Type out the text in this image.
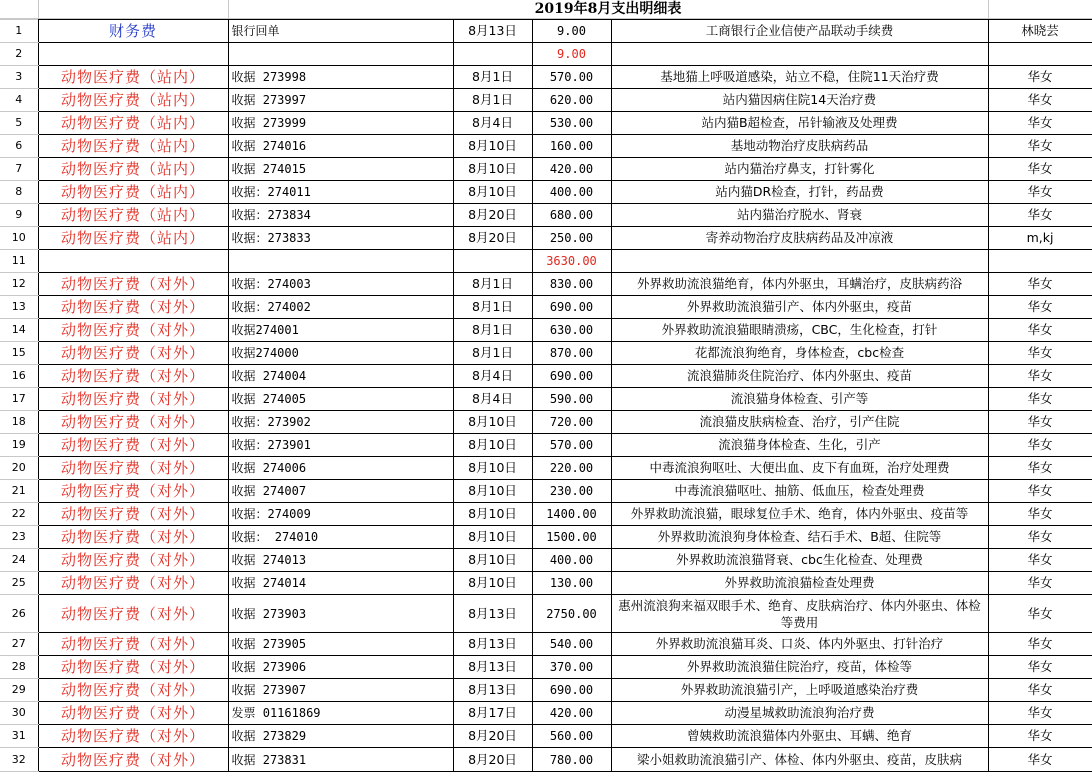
2019年8月支出明细表
1	财务费	银行回单	8月13日	9.00	工商银行企业信使产品联动手续费	林晓芸
2				9.00		
3	动物医疗费（站内）	收据 273998	8月1日	570.00	基地猫上呼吸道感染，站立不稳，住院11天治疗费	华女
4	动物医疗费（站内）	收据 273997	8月1日	620.00	站内猫因病住院14天治疗费	华女
5	动物医疗费（站内）	收据 273999	8月4日	530.00	站内猫B超检查，吊针输液及处理费	华女
6	动物医疗费（站内）	收据 274016	8月10日	160.00	基地动物治疗皮肤病药品	华女
7	动物医疗费（站内）	收据 274015	8月10日	420.00	站内猫治疗鼻支，打针雾化	华女
8	动物医疗费（站内）	收据：274011	8月10日	400.00	站内猫DR检查，打针，药品费	华女
9	动物医疗费（站内）	收据：273834	8月20日	680.00	站内猫治疗脱水、肾衰	华女
10	动物医疗费（站内）	收据：273833	8月20日	250.00	寄养动物治疗皮肤病药品及冲凉液	m,kj
11				3630.00		
12	动物医疗费（对外）	收据：274003	8月1日	830.00	外界救助流浪猫绝育，体内外驱虫，耳螨治疗，皮肤病药浴	华女
13	动物医疗费（对外）	收据：274002	8月1日	690.00	外界救助流浪猫引产、体内外驱虫，疫苗	华女
14	动物医疗费（对外）	收据274001	8月1日	630.00	外界救助流浪猫眼睛溃疡，CBC，生化检查，打针	华女
15	动物医疗费（对外）	收据274000	8月1日	870.00	花都流浪狗绝育，身体检查，cbc检查	华女
16	动物医疗费（对外）	收据 274004	8月4日	690.00	流浪猫肺炎住院治疗、体内外驱虫、疫苗	华女
17	动物医疗费（对外）	收据 274005	8月4日	590.00	流浪猫身体检查、引产等	华女
18	动物医疗费（对外）	收据：273902	8月10日	720.00	流浪猫皮肤病检查、治疗，引产住院	华女
19	动物医疗费（对外）	收据：273901	8月10日	570.00	流浪猫身体检查、生化，引产	华女
20	动物医疗费（对外）	收据 274006	8月10日	220.00	中毒流浪狗呕吐、大便出血、皮下有血斑，治疗处理费	华女
21	动物医疗费（对外）	收据 274007	8月10日	230.00	中毒流浪猫呕吐、抽筋、低血压，检查处理费	华女
22	动物医疗费（对外）	收据：274009	8月10日	1400.00	外界救助流浪猫，眼球复位手术、绝育，体内外驱虫、疫苗等	华女
23	动物医疗费（对外）	收据： 274010	8月10日	1500.00	外界救助流浪狗身体检查、结石手术、B超、住院等	华女
24	动物医疗费（对外）	收据 274013	8月10日	400.00	外界救助流浪猫肾衰、cbc生化检查、处理费	华女
25	动物医疗费（对外）	收据 274014	8月10日	130.00	外界救助流浪猫检查处理费	华女
26	动物医疗费（对外）	收据 273903	8月13日	2750.00	惠州流浪狗来福双眼手术、绝育、皮肤病治疗、体内外驱虫、体检等费用	华女
27	动物医疗费（对外）	收据 273905	8月13日	540.00	外界救助流浪猫耳炎、口炎、体内外驱虫、打针治疗	华女
28	动物医疗费（对外）	收据 273906	8月13日	370.00	外界救助流浪猫住院治疗，疫苗，体检等	华女
29	动物医疗费（对外）	收据 273907	8月13日	690.00	外界救助流浪猫引产，上呼吸道感染治疗费	华女
30	动物医疗费（对外）	发票 01161869	8月17日	420.00	动漫星城救助流浪狗治疗费	华女
31	动物医疗费（对外）	收据 273829	8月20日	560.00	曾姨救助流浪猫体内外驱虫、耳螨、绝育	华女
32	动物医疗费（对外）	收据 273831	8月20日	780.00	梁小姐救助流浪猫引产、体检、体内外驱虫、疫苗，皮肤病	华女
